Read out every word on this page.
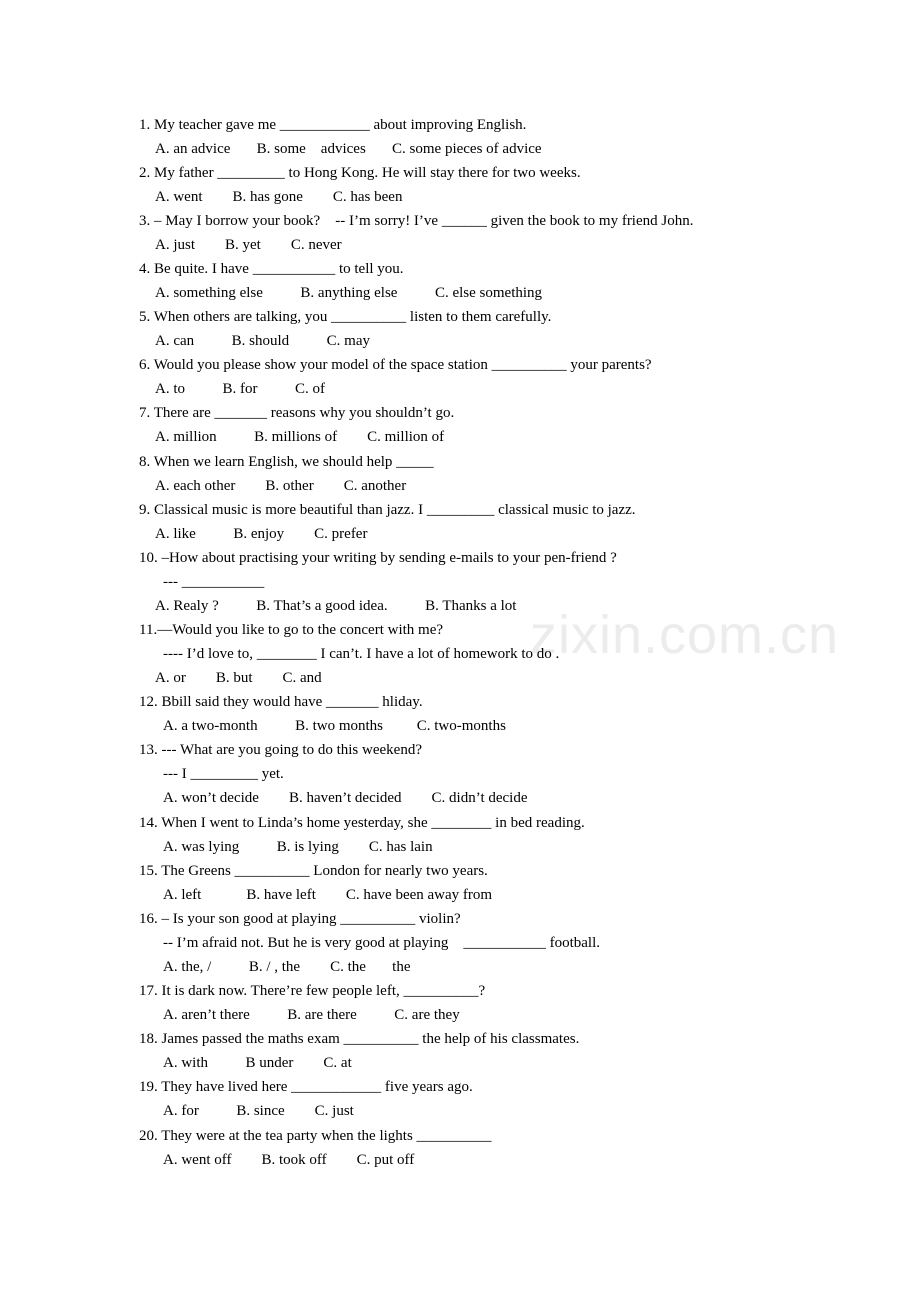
zixin.com.cn
1. My teacher gave me ____________ about improving English.
A. an advice       B. some    advices       C. some pieces of advice
2. My father _________ to Hong Kong. He will stay there for two weeks.
A. went        B. has gone        C. has been
3. – May I borrow your book?    -- I’m sorry! I’ve ______ given the book to my friend John.
A. just        B. yet        C. never
4. Be quite. I have ___________ to tell you.
A. something else          B. anything else          C. else something
5. When others are talking, you __________ listen to them carefully.
A. can          B. should          C. may
6. Would you please show your model of the space station __________ your parents?
A. to          B. for          C. of
7. There are _______ reasons why you shouldn’t go.
A. million          B. millions of        C. million of
8. When we learn English, we should help _____
A. each other        B. other        C. another
9. Classical music is more beautiful than jazz. I _________ classical music to jazz.
A. like          B. enjoy        C. prefer
10. –How about practising your writing by sending e-mails to your pen-friend ?
--- ___________
A. Realy ?          B. That’s a good idea.          B. Thanks a lot
11.—Would you like to go to the concert with me?
---- I’d love to, ________ I can’t. I have a lot of homework to do .
A. or        B. but        C. and
12. Bbill said they would have _______ hliday.
A. a two-month          B. two months         C. two-months
13. --- What are you going to do this weekend?
--- I _________ yet.
A. won’t decide        B. haven’t decided        C. didn’t decide
14. When I went to Linda’s home yesterday, she ________ in bed reading.
A. was lying          B. is lying        C. has lain
15. The Greens __________ London for nearly two years.
A. left            B. have left        C. have been away from
16. – Is your son good at playing __________ violin?
-- I’m afraid not. But he is very good at playing    ___________ football.
A. the, /          B. / , the        C. the       the
17. It is dark now. There’re few people left, __________?
A. aren’t there          B. are there          C. are they
18. James passed the maths exam __________ the help of his classmates.
A. with          B under        C. at
19. They have lived here ____________ five years ago.
A. for          B. since        C. just
20. They were at the tea party when the lights __________
A. went off        B. took off        C. put off
